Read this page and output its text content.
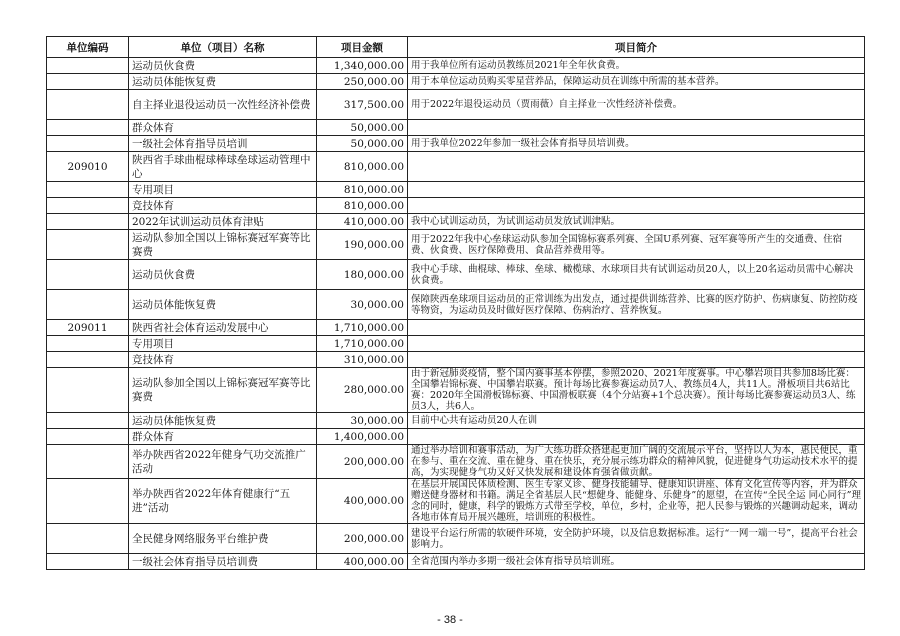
单位编码	单位（项目）名称	项目金额	项目简介
	运动员伙食费	1,340,000.00	用于我单位所有运动员教练员2021年全年伙食费。
	运动员体能恢复费	250,000.00	用于本单位运动员购买零星营养品，保障运动员在训练中所需的基本营养。
	自主择业退役运动员一次性经济补偿费	317,500.00	用于2022年退役运动员（贾雨薇）自主择业一次性经济补偿费。
	群众体育	50,000.00	
	一级社会体育指导员培训	50,000.00	用于我单位2022年参加一级社会体育指导员培训费。
209010	陕西省手球曲棍球棒球垒球运动管理中心	810,000.00	
	专用项目	810,000.00	
	竞技体育	810,000.00	
	2022年试训运动员体育津贴	410,000.00	我中心试训运动员，为试训运动员发放试训津贴。
	运动队参加全国以上锦标赛冠军赛等比赛费	190,000.00	用于2022年我中心垒球运动队参加全国锦标赛系列赛、全国U系列赛、冠军赛等所产生的交通费、住宿费、伙食费、医疗保障费用、食品营养费用等。
	运动员伙食费	180,000.00	我中心手球、曲棍球、棒球、垒球、橄榄球、水球项目共有试训运动员20人，以上20名运动员需中心解决伙食费。
	运动员体能恢复费	30,000.00	保障陕西垒球项目运动员的正常训练为出发点，通过提供训练营养、比赛的医疗防护、伤病康复、防控防疫等物资，为运动员及时做好医疗保障、伤病治疗、营养恢复。
209011	陕西省社会体育运动发展中心	1,710,000.00	
	专用项目	1,710,000.00	
	竞技体育	310,000.00	
	运动队参加全国以上锦标赛冠军赛等比赛费	280,000.00	由于新冠肺炎疫情，整个国内赛事基本停摆，参照2020、2021年度赛事。中心攀岩项目共参加8场比赛：全国攀岩锦标赛、中国攀岩联赛。预计每场比赛参赛运动员7人、教练员4人，共11人。滑板项目共6站比赛：2020年全国滑板锦标赛、中国滑板联赛（4个分站赛+1个总决赛）。预计每场比赛参赛运动员3人、练员3人，共6人。
	运动员体能恢复费	30,000.00	目前中心共有运动员20人在训
	群众体育	1,400,000.00	
	举办陕西省2022年健身气功交流推广活动	200,000.00	通过举办培训和赛事活动，为广大练功群众搭建起更加广阔的交流展示平台，坚持以人为本，惠民便民，重在参与、重在交流、重在健身、重在快乐，充分展示练功群众的精神风貌，促进健身气功运动技术水平的提高，为实现健身气功又好又快发展和建设体育强省做贡献。
	举办陕西省2022年体育健康行“五进”活动	400,000.00	在基层开展国民体质检测、医生专家义诊、健身技能辅导、健康知识讲座、体育文化宣传等内容，并为群众赠送健身器材和书籍。满足全省基层人民“想健身、能健身、乐健身”的愿望，在宣传“全民全运 同心同行”理念的同时，健康，科学的锻炼方式带至学校，单位，乡村，企业等，把人民参与锻炼的兴趣调动起来，调动各地市体育局开展兴趣班，培训班的积极性。
	全民健身网络服务平台维护费	200,000.00	建设平台运行所需的软硬件环境，安全防护环境，以及信息数据标准。运行“一网一端一号”，提高平台社会影响力。
	一级社会体育指导员培训费	400,000.00	全省范围内举办多期一级社会体育指导员培训班。
- 38 -
